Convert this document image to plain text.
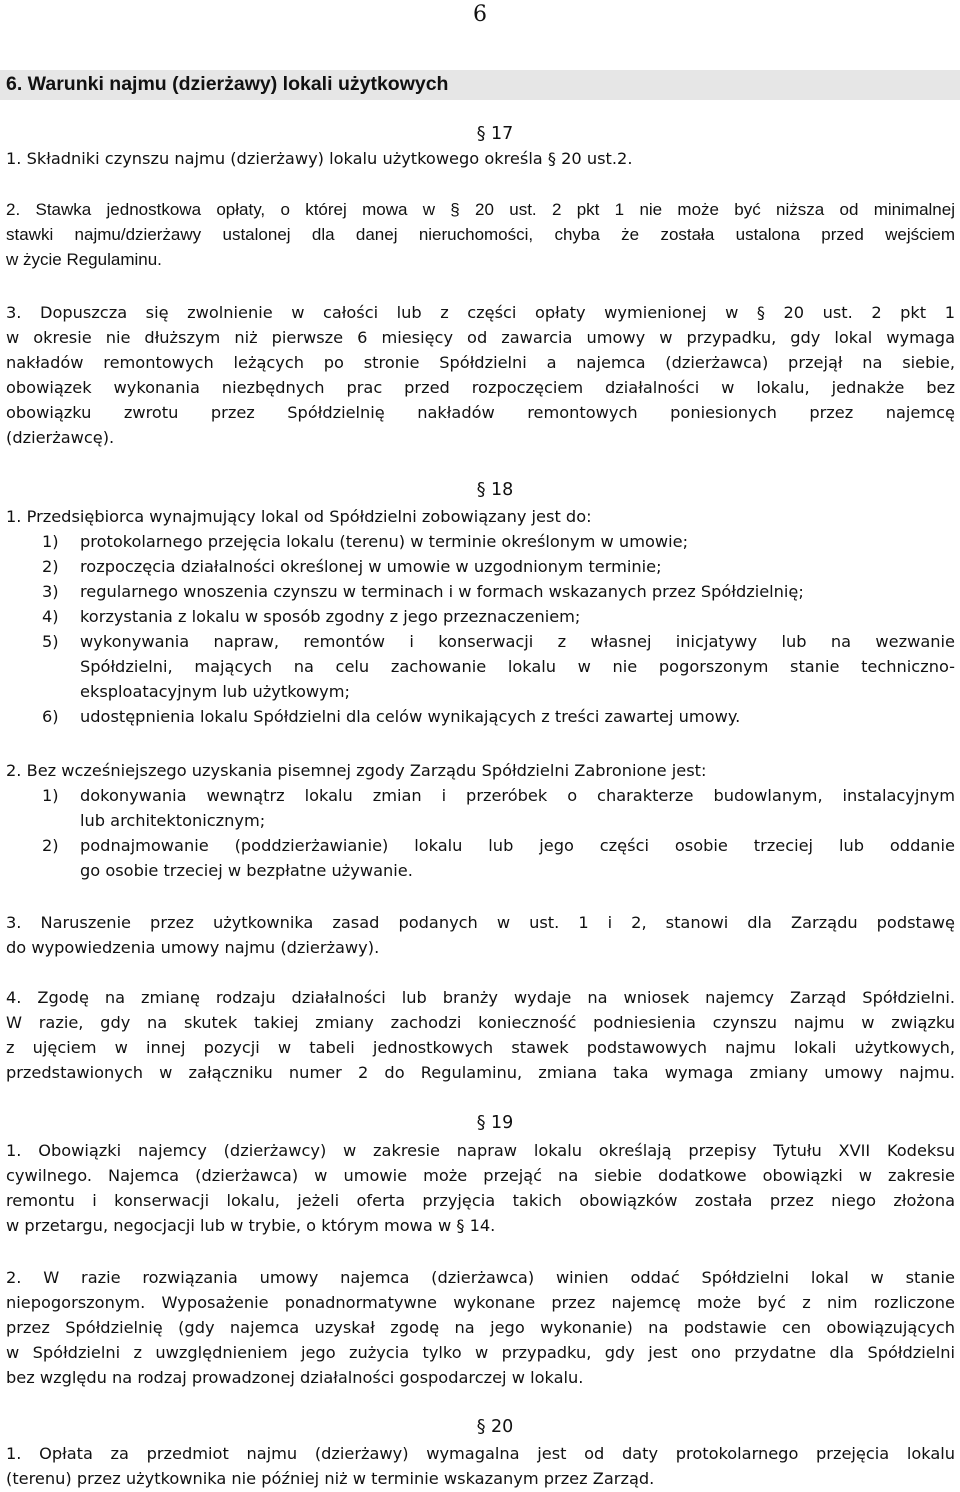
6
6. Warunki najmu (dzierżawy) lokali użytkowych
§ 17
1. Składniki czynszu najmu (dzierżawy) lokalu użytkowego określa § 20 ust.2.
2. Stawka jednostkowa opłaty, o której mowa w § 20 ust. 2 pkt 1 nie może być niższa od minimalnej
stawki najmu/dzierżawy ustalonej dla danej nieruchomości, chyba że została ustalona przed wejściem
w życie Regulaminu.
3. Dopuszcza się zwolnienie w całości lub z części opłaty wymienionej w § 20 ust. 2 pkt 1
w okresie nie dłuższym niż pierwsze 6 miesięcy od zawarcia umowy w przypadku, gdy lokal wymaga
nakładów remontowych leżących po stronie Spółdzielni a najemca (dzierżawca) przejął na siebie,
obowiązek wykonania niezbędnych prac przed rozpoczęciem działalności w lokalu, jednakże bez
obowiązku zwrotu przez Spółdzielnię nakładów remontowych poniesionych przez najemcę
(dzierżawcę).
§ 18
1. Przedsiębiorca wynajmujący lokal od Spółdzielni zobowiązany jest do:
1) protokolarnego przejęcia lokalu (terenu) w terminie określonym w umowie;
2) rozpoczęcia działalności określonej w umowie w uzgodnionym terminie;
3) regularnego wnoszenia czynszu w terminach i w formach wskazanych przez Spółdzielnię;
4) korzystania z lokalu w sposób zgodny z jego przeznaczeniem;
5) wykonywania napraw, remontów i konserwacji z własnej inicjatywy lub na wezwanie
Spółdzielni, mających na celu zachowanie lokalu w nie pogorszonym stanie techniczno-
eksploatacyjnym lub użytkowym;
6) udostępnienia lokalu Spółdzielni dla celów wynikających z treści zawartej umowy.
2. Bez wcześniejszego uzyskania pisemnej zgody Zarządu Spółdzielni Zabronione jest:
1) dokonywania wewnątrz lokalu zmian i przeróbek o charakterze budowlanym, instalacyjnym
lub architektonicznym;
2) podnajmowanie (poddzierżawianie) lokalu lub jego części osobie trzeciej lub oddanie
go osobie trzeciej w bezpłatne używanie.
3. Naruszenie przez użytkownika zasad podanych w ust. 1 i 2, stanowi dla Zarządu podstawę
do wypowiedzenia umowy najmu (dzierżawy).
4. Zgodę na zmianę rodzaju działalności lub branży wydaje na wniosek najemcy Zarząd Spółdzielni.
W razie, gdy na skutek takiej zmiany zachodzi konieczność podniesienia czynszu najmu w związku
z ujęciem w innej pozycji w tabeli jednostkowych stawek podstawowych najmu lokali użytkowych,
przedstawionych w załączniku numer 2 do Regulaminu, zmiana taka wymaga zmiany umowy najmu.
§ 19
1. Obowiązki najemcy (dzierżawcy) w zakresie napraw lokalu określają przepisy Tytułu XVII Kodeksu
cywilnego. Najemca (dzierżawca) w umowie może przejąć na siebie dodatkowe obowiązki w zakresie
remontu i konserwacji lokalu, jeżeli oferta przyjęcia takich obowiązków została przez niego złożona
w przetargu, negocjacji lub w trybie, o którym mowa w § 14.
2. W razie rozwiązania umowy najemca (dzierżawca) winien oddać Spółdzielni lokal w stanie
niepogorszonym. Wyposażenie ponadnormatywne wykonane przez najemcę może być z nim rozliczone
przez Spółdzielnię (gdy najemca uzyskał zgodę na jego wykonanie) na podstawie cen obowiązujących
w Spółdzielni z uwzględnieniem jego zużycia tylko w przypadku, gdy jest ono przydatne dla Spółdzielni
bez względu na rodzaj prowadzonej działalności gospodarczej w lokalu.
§ 20
1. Opłata za przedmiot najmu (dzierżawy) wymagalna jest od daty protokolarnego przejęcia lokalu
(terenu) przez użytkownika nie później niż w terminie wskazanym przez Zarząd.
